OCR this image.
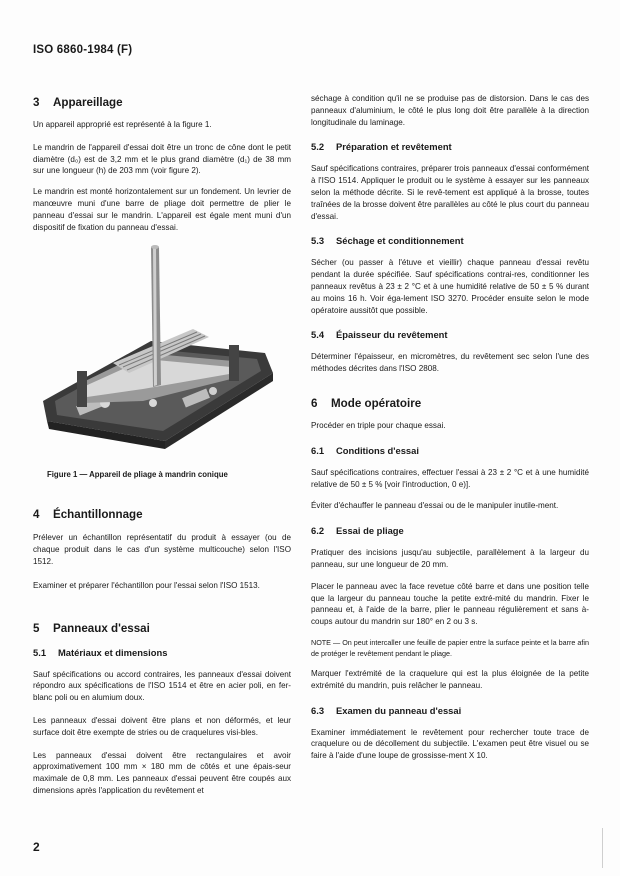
ISO 6860-1984 (F)
3	Appareillage

Un appareil approprié est représenté à la figure 1.

Le mandrin de l'appareil d'essai doit être un tronc de cône dont le petit diamètre (d₀) est de 3,2 mm et le plus grand diamètre (d₁) de 38 mm sur une longueur (h) de 203 mm (voir figure 2).

Le mandrin est monté horizontalement sur un fondement. Un levrier de manœuvre muni d'une barre de pliage doit permettre de plier le panneau d'essai sur le mandrin. L'appareil est égale ment muni d'un dispositif de fixation du panneau d'essai.

Figure 1 — Appareil de pliage à mandrin conique

4	Échantillonnage

Prélever un échantillon représentatif du produit à essayer (ou de chaque produit dans le cas d'un système multicouche) selon l'ISO 1512.

Examiner et préparer l'échantillon pour l'essai selon l'ISO 1513.

5	Panneaux d'essai
5.1	Matériaux et dimensions

Sauf spécifications ou accord contraires, les panneaux d'essai doivent répondro aux spécifications de l'ISO 1514 et être en acier poli, en fer-blanc poli ou en alumium doux.

Les panneaux d'essai doivent être plans et non déformés, et leur surface doit être exempte de stries ou de craquelures visi-bles.

Les panneaux d'essai doivent être rectangulaires et avoir approximativement 100 mm × 180 mm de côtés et une épais-seur maximale de 0,8 mm. Les panneaux d'essai peuvent être coupés aux dimensions après l'application du revêtement et

séchage à condition qu'il ne se produise pas de distorsion. Dans le cas des panneaux d'aluminium, le côté le plus long doit être parallèle à la direction longitudinale du laminage.

5.2	Préparation et revêtement

Sauf spécifications contraires, préparer trois panneaux d'essai conformément à l'ISO 1514. Appliquer le produit ou le système à essayer sur les panneaux selon la méthode décrite. Si le revê-tement est appliqué à la brosse, toutes traînées de la brosse doivent être parallèles au côté le plus court du panneau d'essai.

5.3	Séchage et conditionnement

Sécher (ou passer à l'étuve et vieillir) chaque panneau d'essai revêtu pendant la durée spécifiée. Sauf spécifications contrai-res, conditionner les panneaux revêtus à 23 ± 2 °C et à une humidité relative de 50 ± 5 % durant au moins 16 h. Voir éga-lement ISO 3270. Procéder ensuite selon le mode opératoire aussitôt que possible.

5.4	Épaisseur du revêtement

Déterminer l'épaisseur, en micromètres, du revêtement sec selon l'une des méthodes décrites dans l'ISO 2808.

6	Mode opératoire

Procéder en triple pour chaque essai.

6.1	Conditions d'essai

Sauf spécifications contraires, effectuer l'essai à 23 ± 2 °C et à une humidité relative de 50 ± 5 % [voir l'introduction, 0 e)].

Éviter d'échauffer le panneau d'essai ou de le manipuler inutile-ment.

6.2	Essai de pliage

Pratiquer des incisions jusqu'au subjectile, parallèlement à la largeur du panneau, sur une longueur de 20 mm.

Placer le panneau avec la face revetue côté barre et dans une position telle que la largeur du panneau touche la petite extré-mité du mandrin. Fixer le panneau et, à l'aide de la barre, plier le panneau régulièrement et sans à-coups autour du mandrin sur 180° en 2 ou 3 s.

NOTE — On peut intercaller une feuille de papier entre la surface peinte et la barre afin de protéger le revêtement pendant le pliage.

Marquer l'extrémité de la craquelure qui est la plus éloignée de la petite extrémité du mandrin, puis relâcher le panneau.

6.3	Examen du panneau d'essai

Examiner immédiatement le revêtement pour rechercher toute trace de craquelure ou de décollement du subjectile. L'examen peut être visuel ou se faire à l'aide d'une loupe de grossisse-ment X 10.

2
